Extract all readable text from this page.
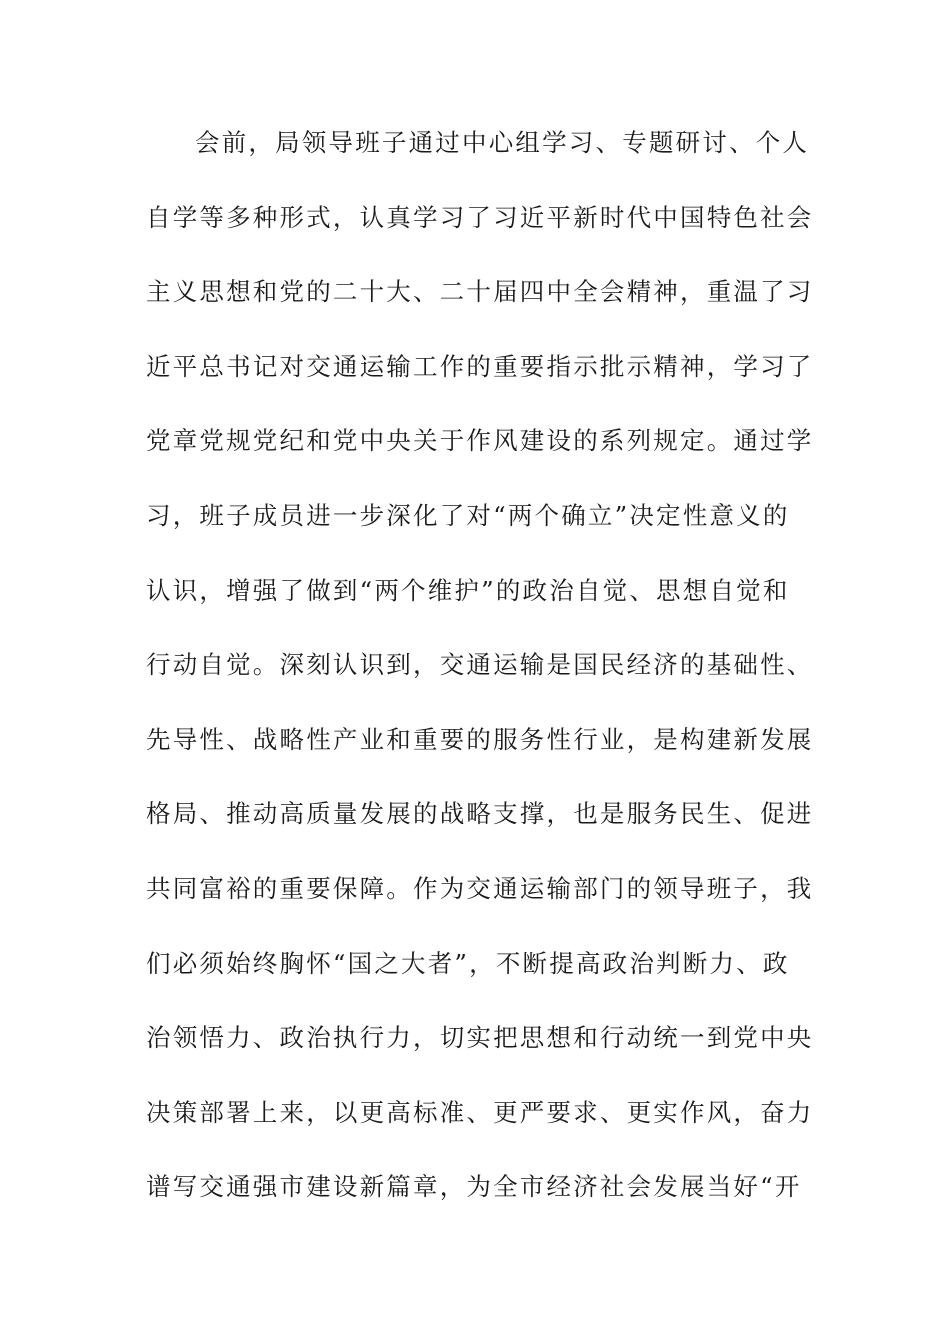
会前，局领导班子通过中心组学习、专题研讨、个人
自学等多种形式，认真学习了习近平新时代中国特色社会
主义思想和党的二十大、二十届四中全会精神，重温了习
近平总书记对交通运输工作的重要指示批示精神，学习了
党章党规党纪和党中央关于作风建设的系列规定。通过学
习，班子成员进一步深化了对“两个确立”决定性意义的
认识，增强了做到“两个维护”的政治自觉、思想自觉和
行动自觉。深刻认识到，交通运输是国民经济的基础性、
先导性、战略性产业和重要的服务性行业，是构建新发展
格局、推动高质量发展的战略支撑，也是服务民生、促进
共同富裕的重要保障。作为交通运输部门的领导班子，我
们必须始终胸怀“国之大者”，不断提高政治判断力、政
治领悟力、政治执行力，切实把思想和行动统一到党中央
决策部署上来，以更高标准、更严要求、更实作风，奋力
谱写交通强市建设新篇章，为全市经济社会发展当好“开
